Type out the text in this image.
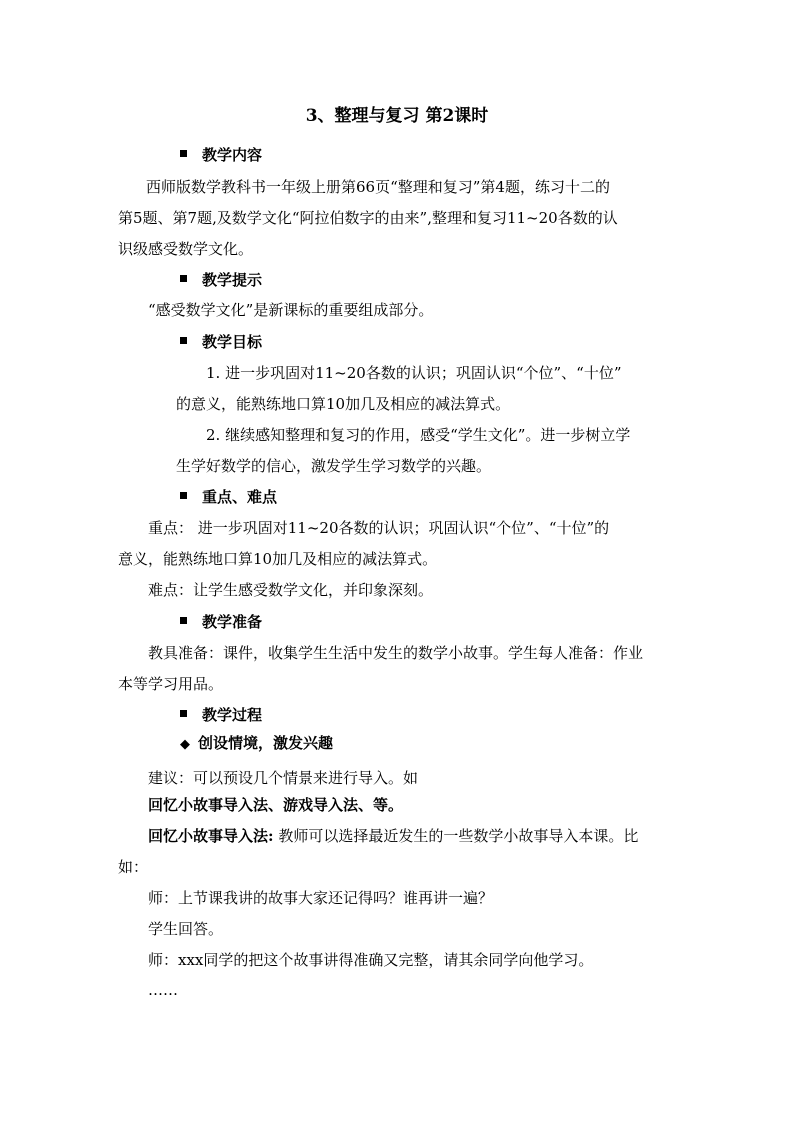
3、整理与复习 第2课时
教学内容
西师版数学教科书一年级上册第66页“整理和复习”第4题，练习十二的
第5题、第7题,及数学文化“阿拉伯数字的由来”,整理和复习11~20各数的认
识级感受数学文化。
教学提示
“感受数学文化”是新课标的重要组成部分。
教学目标
1. 进一步巩固对11~20各数的认识；巩固认识“个位”、“十位”
的意义，能熟练地口算10加几及相应的减法算式。
2. 继续感知整理和复习的作用，感受“学生文化”。进一步树立学
生学好数学的信心，激发学生学习数学的兴趣。
重点、难点
重点： 进一步巩固对11~20各数的认识；巩固认识“个位”、“十位”的
意义，能熟练地口算10加几及相应的减法算式。
难点：让学生感受数学文化，并印象深刻。
教学准备
教具准备：课件，收集学生生活中发生的数学小故事。学生每人准备：作业
本等学习用品。
教学过程
◆ 创设情境，激发兴趣
建议：可以预设几个情景来进行导入。如
回忆小故事导入法、游戏导入法、等。
回忆小故事导入法: 教师可以选择最近发生的一些数学小故事导入本课。比
如：
师：上节课我讲的故事大家还记得吗？谁再讲一遍？
学生回答。
师：xxx同学的把这个故事讲得准确又完整，请其余同学向他学习。
……
